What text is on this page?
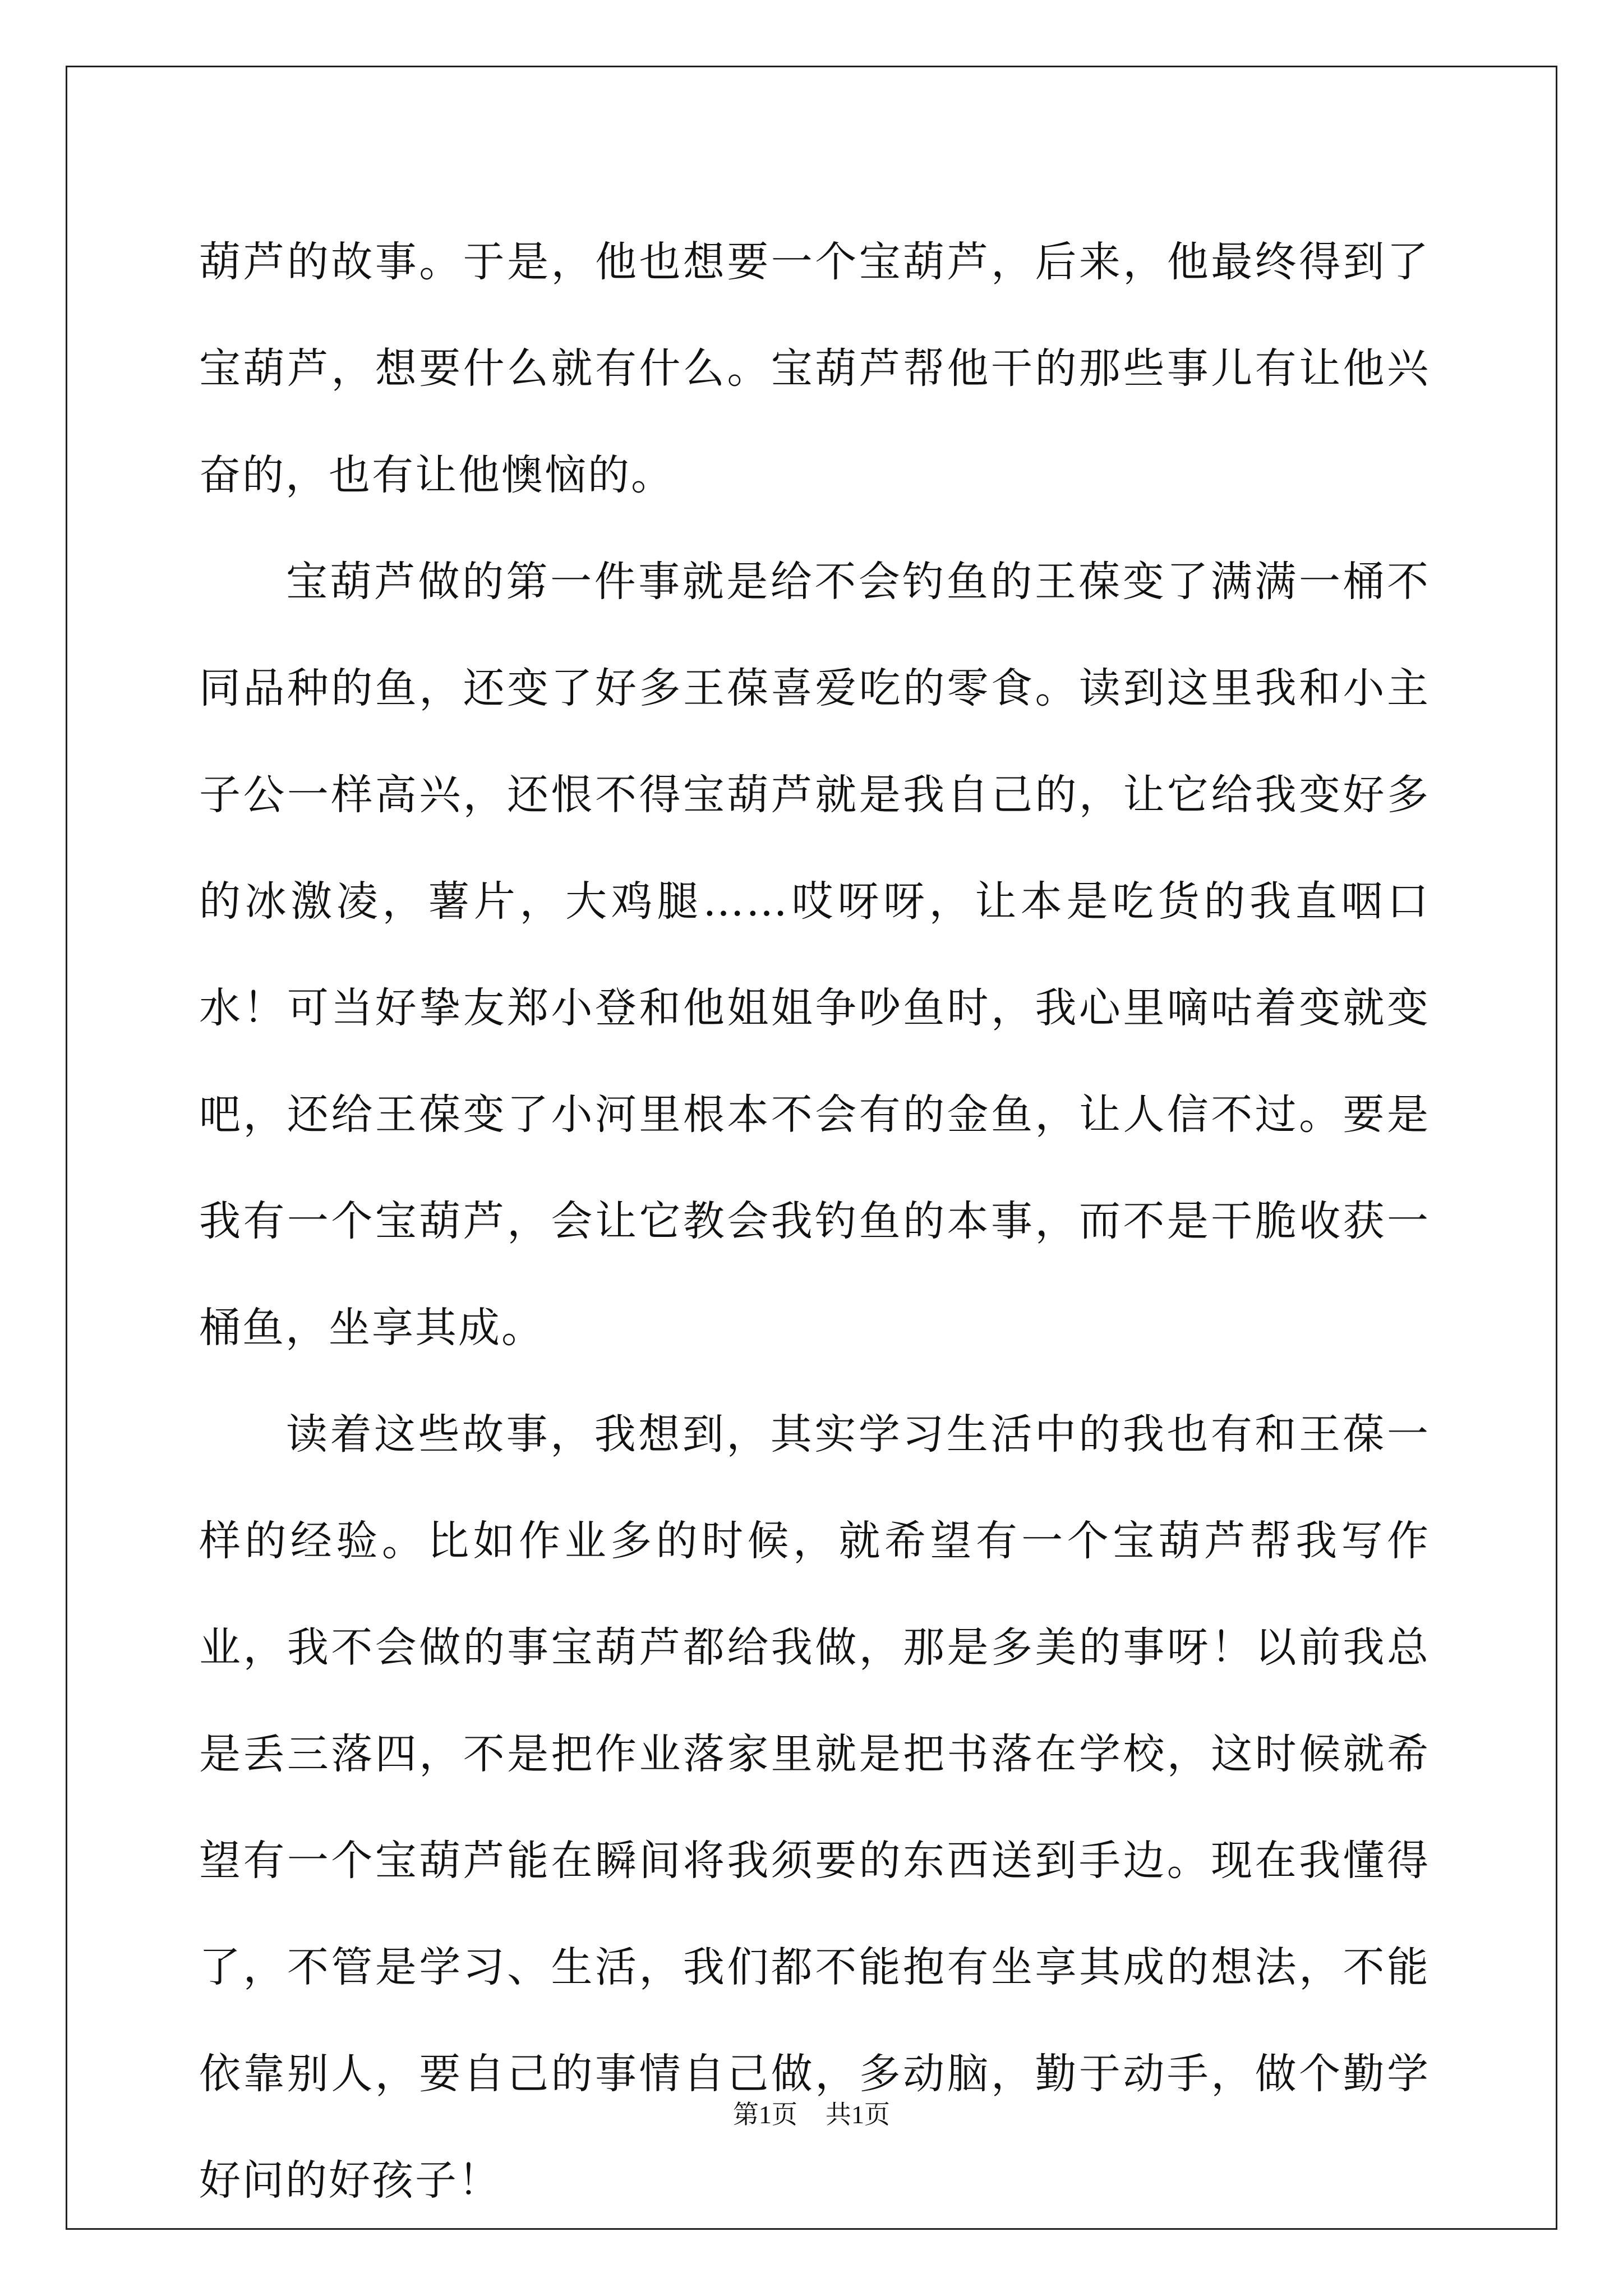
葫芦的故事。于是，他也想要一个宝葫芦，后来，他最终得到了宝葫芦，想要什么就有什么。宝葫芦帮他干的那些事儿有让他兴奋的，也有让他懊恼的。

宝葫芦做的第一件事就是给不会钓鱼的王葆变了满满一桶不同品种的鱼，还变了好多王葆喜爱吃的零食。读到这里我和小主子公一样高兴，还恨不得宝葫芦就是我自己的，让它给我变好多的冰激凌，薯片，大鸡腿……哎呀呀，让本是吃货的我直咽口水！可当好挚友郑小登和他姐姐争吵鱼时，我心里嘀咕着变就变吧，还给王葆变了小河里根本不会有的金鱼，让人信不过。要是我有一个宝葫芦，会让它教会我钓鱼的本事，而不是干脆收获一桶鱼，坐享其成。

读着这些故事，我想到，其实学习生活中的我也有和王葆一样的经验。比如作业多的时候，就希望有一个宝葫芦帮我写作业，我不会做的事宝葫芦都给我做，那是多美的事呀！以前我总是丢三落四，不是把作业落家里就是把书落在学校，这时候就希望有一个宝葫芦能在瞬间将我须要的东西送到手边。现在我懂得了，不管是学习、生活，我们都不能抱有坐享其成的想法，不能依靠别人，要自己的事情自己做，多动脑，勤于动手，做个勤学好问的好孩子！

第1页 共1页
